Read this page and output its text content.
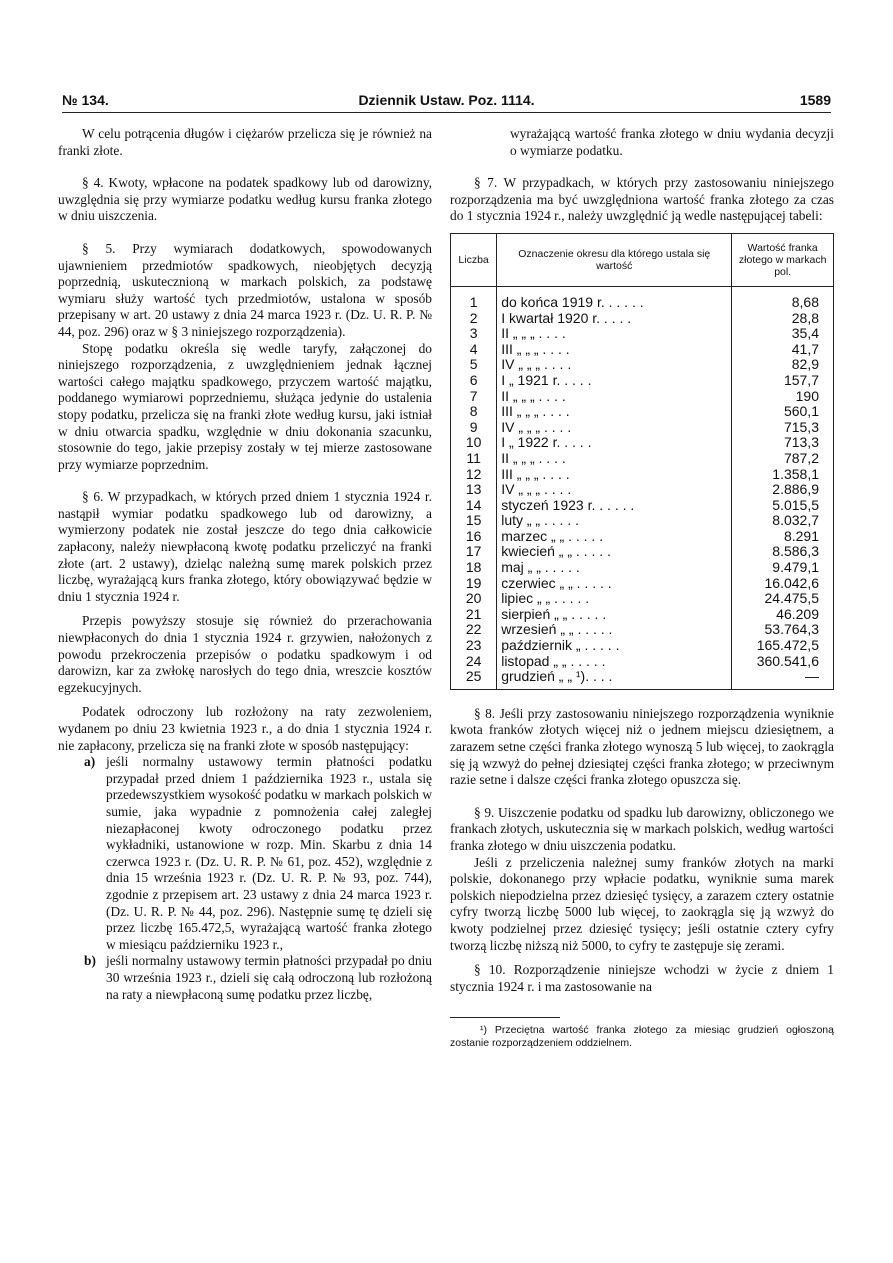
№ 134.	Dziennik Ustaw. Poz. 1114.	1589

W celu potrącenia długów i ciężarów przelicza się je również na franki złote.

§ 4. Kwoty, wpłacone na podatek spadkowy lub od darowizny, uwzględnia się przy wymiarze podatku według kursu franka złotego w dniu uiszczenia.

§ 5. Przy wymiarach dodatkowych, spowodowanych ujawnieniem przedmiotów spadkowych, nieobjętych decyzją poprzednią, uskutecznioną w markach polskich, za podstawę wymiaru służy wartość tych przedmiotów, ustalona w sposób przepisany w art. 20 ustawy z dnia 24 marca 1923 r. (Dz. U. R. P. № 44, poz. 296) oraz w § 3 niniejszego rozporządzenia).

Stopę podatku określa się wedle taryfy, załączonej do niniejszego rozporządzenia, z uwzględnieniem jednak łącznej wartości całego majątku spadkowego, przyczem wartość majątku, poddanego wymiarowi poprzedniemu, służąca jedynie do ustalenia stopy podatku, przelicza się na franki złote według kursu, jaki istniał w dniu otwarcia spadku, względnie w dniu dokonania szacunku, stosownie do tego, jakie przepisy zostały w tej mierze zastosowane przy wymiarze poprzednim.

§ 6. W przypadkach, w których przed dniem 1 stycznia 1924 r. nastąpił wymiar podatku spadkowego lub od darowizny, a wymierzony podatek nie został jeszcze do tego dnia całkowicie zapłacony, należy niewpłaconą kwotę podatku przeliczyć na franki złote (art. 2 ustawy), dzieląc należną sumę marek polskich przez liczbę, wyrażającą kurs franka złotego, który obowiązywać będzie w dniu 1 stycznia 1924 r.

Przepis powyższy stosuje się również do przerachowania niewpłaconych do dnia 1 stycznia 1924 r. grzywien, nałożonych z powodu przekroczenia przepisów o podatku spadkowym i od darowizn, kar za zwłokę narosłych do tego dnia, wreszcie kosztów egzekucyjnych.

Podatek odroczony lub rozłożony na raty zezwoleniem, wydanem po dniu 23 kwietnia 1923 r., a do dnia 1 stycznia 1924 r. nie zapłacony, przelicza się na franki złote w sposób następujący:

a) jeśli normalny ustawowy termin płatności podatku przypadał przed dniem 1 października 1923 r., ustala się przedewszystkiem wysokość podatku w markach polskich w sumie, jaka wypadnie z pomnożenia całej zaległej niezapłaconej kwoty odroczonego podatku przez wykładniki, ustanowione w rozp. Min. Skarbu z dnia 14 czerwca 1923 r. (Dz. U. R. P. № 61, poz. 452), względnie z dnia 15 września 1923 r. (Dz. U. R. P. № 93, poz. 744), zgodnie z przepisem art. 23 ustawy z dnia 24 marca 1923 r. (Dz. U. R. P. № 44, poz. 296). Następnie sumę tę dzieli się przez liczbę 165.472,5, wyrażającą wartość franka złotego w miesiącu październiku 1923 r.,

b) jeśli normalny ustawowy termin płatności przypadał po dniu 30 września 1923 r., dzieli się całą odroczoną lub rozłożoną na raty a niewpłaconą sumę podatku przez liczbę,

wyrażającą wartość franka złotego w dniu wydania decyzji o wymiarze podatku.

§ 7. W przypadkach, w których przy zastosowaniu niniejszego rozporządzenia ma być uwzględniona wartość franka złotego za czas do 1 stycznia 1924 r., należy uwzględnić ją wedle następującej tabeli:

Liczba	Oznaczenie okresu dla którego ustala się wartość	Wartość franka złotego w markach pol.
1	do końca 1919 r. . . . . .	8,68
2	I kwartał 1920 r. . . . .	28,8
3	II „ „ „ . . . .	35,4
4	III „ „ „ . . . .	41,7
5	IV „ „ „ . . . .	82,9
6	I „ 1921 r. . . . .	157,7
7	II „ „ „ . . . .	190
8	III „ „ „ . . . .	560,1
9	IV „ „ „ . . . .	715,3
10	I „ 1922 r. . . . .	713,3
11	II „ „ „ . . . .	787,2
12	III „ „ „ . . . .	1.358,1
13	IV „ „ „ . . . .	2.886,9
14	styczeń 1923 r. . . . . .	5.015,5
15	luty „ „ . . . . .	8.032,7
16	marzec „ „ . . . . .	8.291
17	kwiecień „ „ . . . . .	8.586,3
18	maj „ „ . . . . .	9.479,1
19	czerwiec „ „ . . . . .	16.042,6
20	lipiec „ „ . . . . .	24.475,5
21	sierpień „ „ . . . . .	46.209
22	wrzesień „ „ . . . . .	53.764,3
23	październik „ . . . . .	165.472,5
24	listopad „ „ . . . . .	360.541,6
25	grudzień „ „ ¹). . . .	—

§ 8. Jeśli przy zastosowaniu niniejszego rozporządzenia wyniknie kwota franków złotych więcej niż o jednem miejscu dziesiętnem, a zarazem setne części franka złotego wynoszą 5 lub więcej, to zaokrągla się ją wzwyż do pełnej dziesiątej części franka złotego; w przeciwnym razie setne i dalsze części franka złotego opuszcza się.

§ 9. Uiszczenie podatku od spadku lub darowizny, obliczonego we frankach złotych, uskutecznia się w markach polskich, według wartości franka złotego w dniu uiszczenia podatku.

Jeśli z przeliczenia należnej sumy franków złotych na marki polskie, dokonanego przy wpłacie podatku, wyniknie suma marek polskich niepodzielna przez dziesięć tysięcy, a zarazem cztery ostatnie cyfry tworzą liczbę 5000 lub więcej, to zaokrągla się ją wzwyż do kwoty podzielnej przez dziesięć tysięcy; jeśli ostatnie cztery cyfry tworzą liczbę niższą niż 5000, to cyfry te zastępuje się zerami.

§ 10. Rozporządzenie niniejsze wchodzi w życie z dniem 1 stycznia 1924 r. i ma zastosowanie na

¹) Przeciętna wartość franka złotego za miesiąc grudzień ogłoszoną zostanie rozporządzeniem oddzielnem.
